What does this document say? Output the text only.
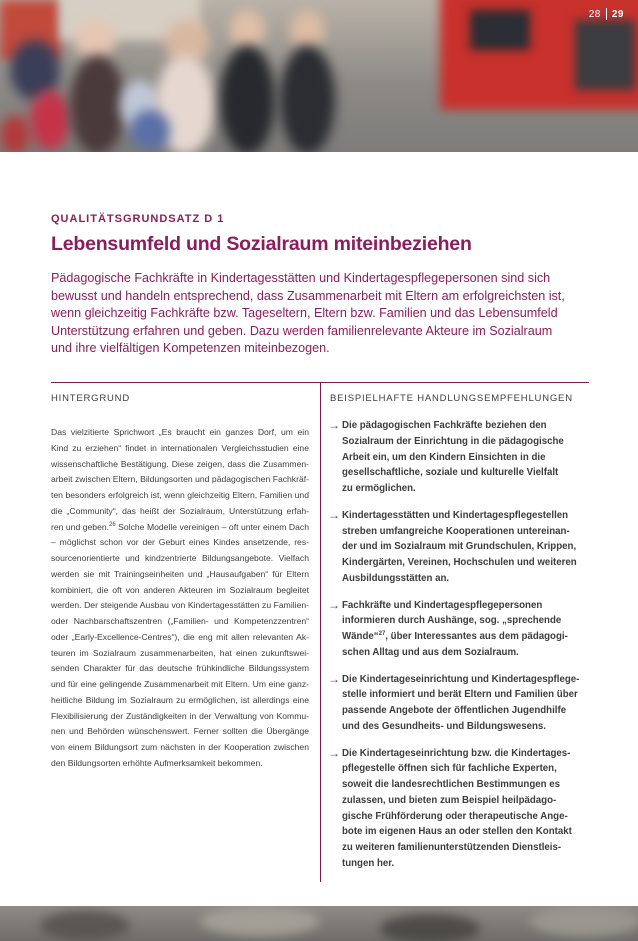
28 29
QUALITÄTSGRUNDSATZ D 1
Lebensumfeld und Sozialraum miteinbeziehen
Pädagogische Fachkräfte in Kindertagesstätten und Kindertagespflegepersonen sind sich
bewusst und handeln entsprechend, dass Zusammenarbeit mit Eltern am erfolgreichsten ist,
wenn gleichzeitig Fachkräfte bzw. Tageseltern, Eltern bzw. Familien und das Lebensumfeld
Unterstützung erfahren und geben. Dazu werden familienrelevante Akteure im Sozialraum
und ihre vielfältigen Kompetenzen miteinbezogen.
HINTERGRUND
Das vielzitierte Sprichwort „Es braucht ein ganzes Dorf, um ein
Kind zu erziehen“ findet in internationalen Vergleichsstudien eine
wissenschaftliche Bestätigung. Diese zeigen, dass die Zusammen-
arbeit zwischen Eltern, Bildungsorten und pädagogischen Fachkräf-
ten besonders erfolgreich ist, wenn gleichzeitig Eltern, Familien und
die „Community“, das heißt der Sozialraum, Unterstützung erfah-
ren und geben.$^{26}$ Solche Modelle vereinigen – oft unter einem Dach
– möglichst schon vor der Geburt eines Kindes ansetzende, res-
sourcenorientierte und kindzentrierte Bildungsangebote. Vielfach
werden sie mit Trainingseinheiten und „Hausaufgaben“ für Eltern
kombiniert, die oft von anderen Akteuren im Sozialraum begleitet
werden. Der steigende Ausbau von Kindertagesstätten zu Familien-
oder Nachbarschaftszentren („Familien- und Kompetenzzentren“
oder „Early-Excellence-Centres“), die eng mit allen relevanten Ak-
teuren im Sozialraum zusammenarbeiten, hat einen zukunftswei-
senden Charakter für das deutsche frühkindliche Bildungssystem
und für eine gelingende Zusammenarbeit mit Eltern. Um eine ganz-
heitliche Bildung im Sozialraum zu ermöglichen, ist allerdings eine
Flexibilisierung der Zuständigkeiten in der Verwaltung von Kommu-
nen und Behörden wünschenswert. Ferner sollten die Übergänge
von einem Bildungsort zum nächsten in der Kooperation zwischen
den Bildungsorten erhöhte Aufmerksamkeit bekommen.
BEISPIELHAFTE HANDLUNGSEMPFEHLUNGEN
→ Die pädagogischen Fachkräfte beziehen den
Sozialraum der Einrichtung in die pädagogische
Arbeit ein, um den Kindern Einsichten in die
gesellschaftliche, soziale und kulturelle Vielfalt
zu ermöglichen.
→ Kindertagesstätten und Kindertagespflegestellen
streben umfangreiche Kooperationen untereinan-
der und im Sozialraum mit Grundschulen, Krippen,
Kindergärten, Vereinen, Hochschulen und weiteren
Ausbildungsstätten an.
→ Fachkräfte und Kindertagespflegepersonen
informieren durch Aushänge, sog. „sprechende
Wände“$^{27}$, über Interessantes aus dem pädagogi-
schen Alltag und aus dem Sozialraum.
→ Die Kindertageseinrichtung und Kindertagespflege-
stelle informiert und berät Eltern und Familien über
passende Angebote der öffentlichen Jugendhilfe
und des Gesundheits- und Bildungswesens.
→ Die Kindertageseinrichtung bzw. die Kindertages-
pflegestelle öffnen sich für fachliche Experten,
soweit die landesrechtlichen Bestimmungen es
zulassen, und bieten zum Beispiel heilpädago-
gische Frühförderung oder therapeutische Ange-
bote im eigenen Haus an oder stellen den Kontakt
zu weiteren familienunterstützenden Dienstleis-
tungen her.
